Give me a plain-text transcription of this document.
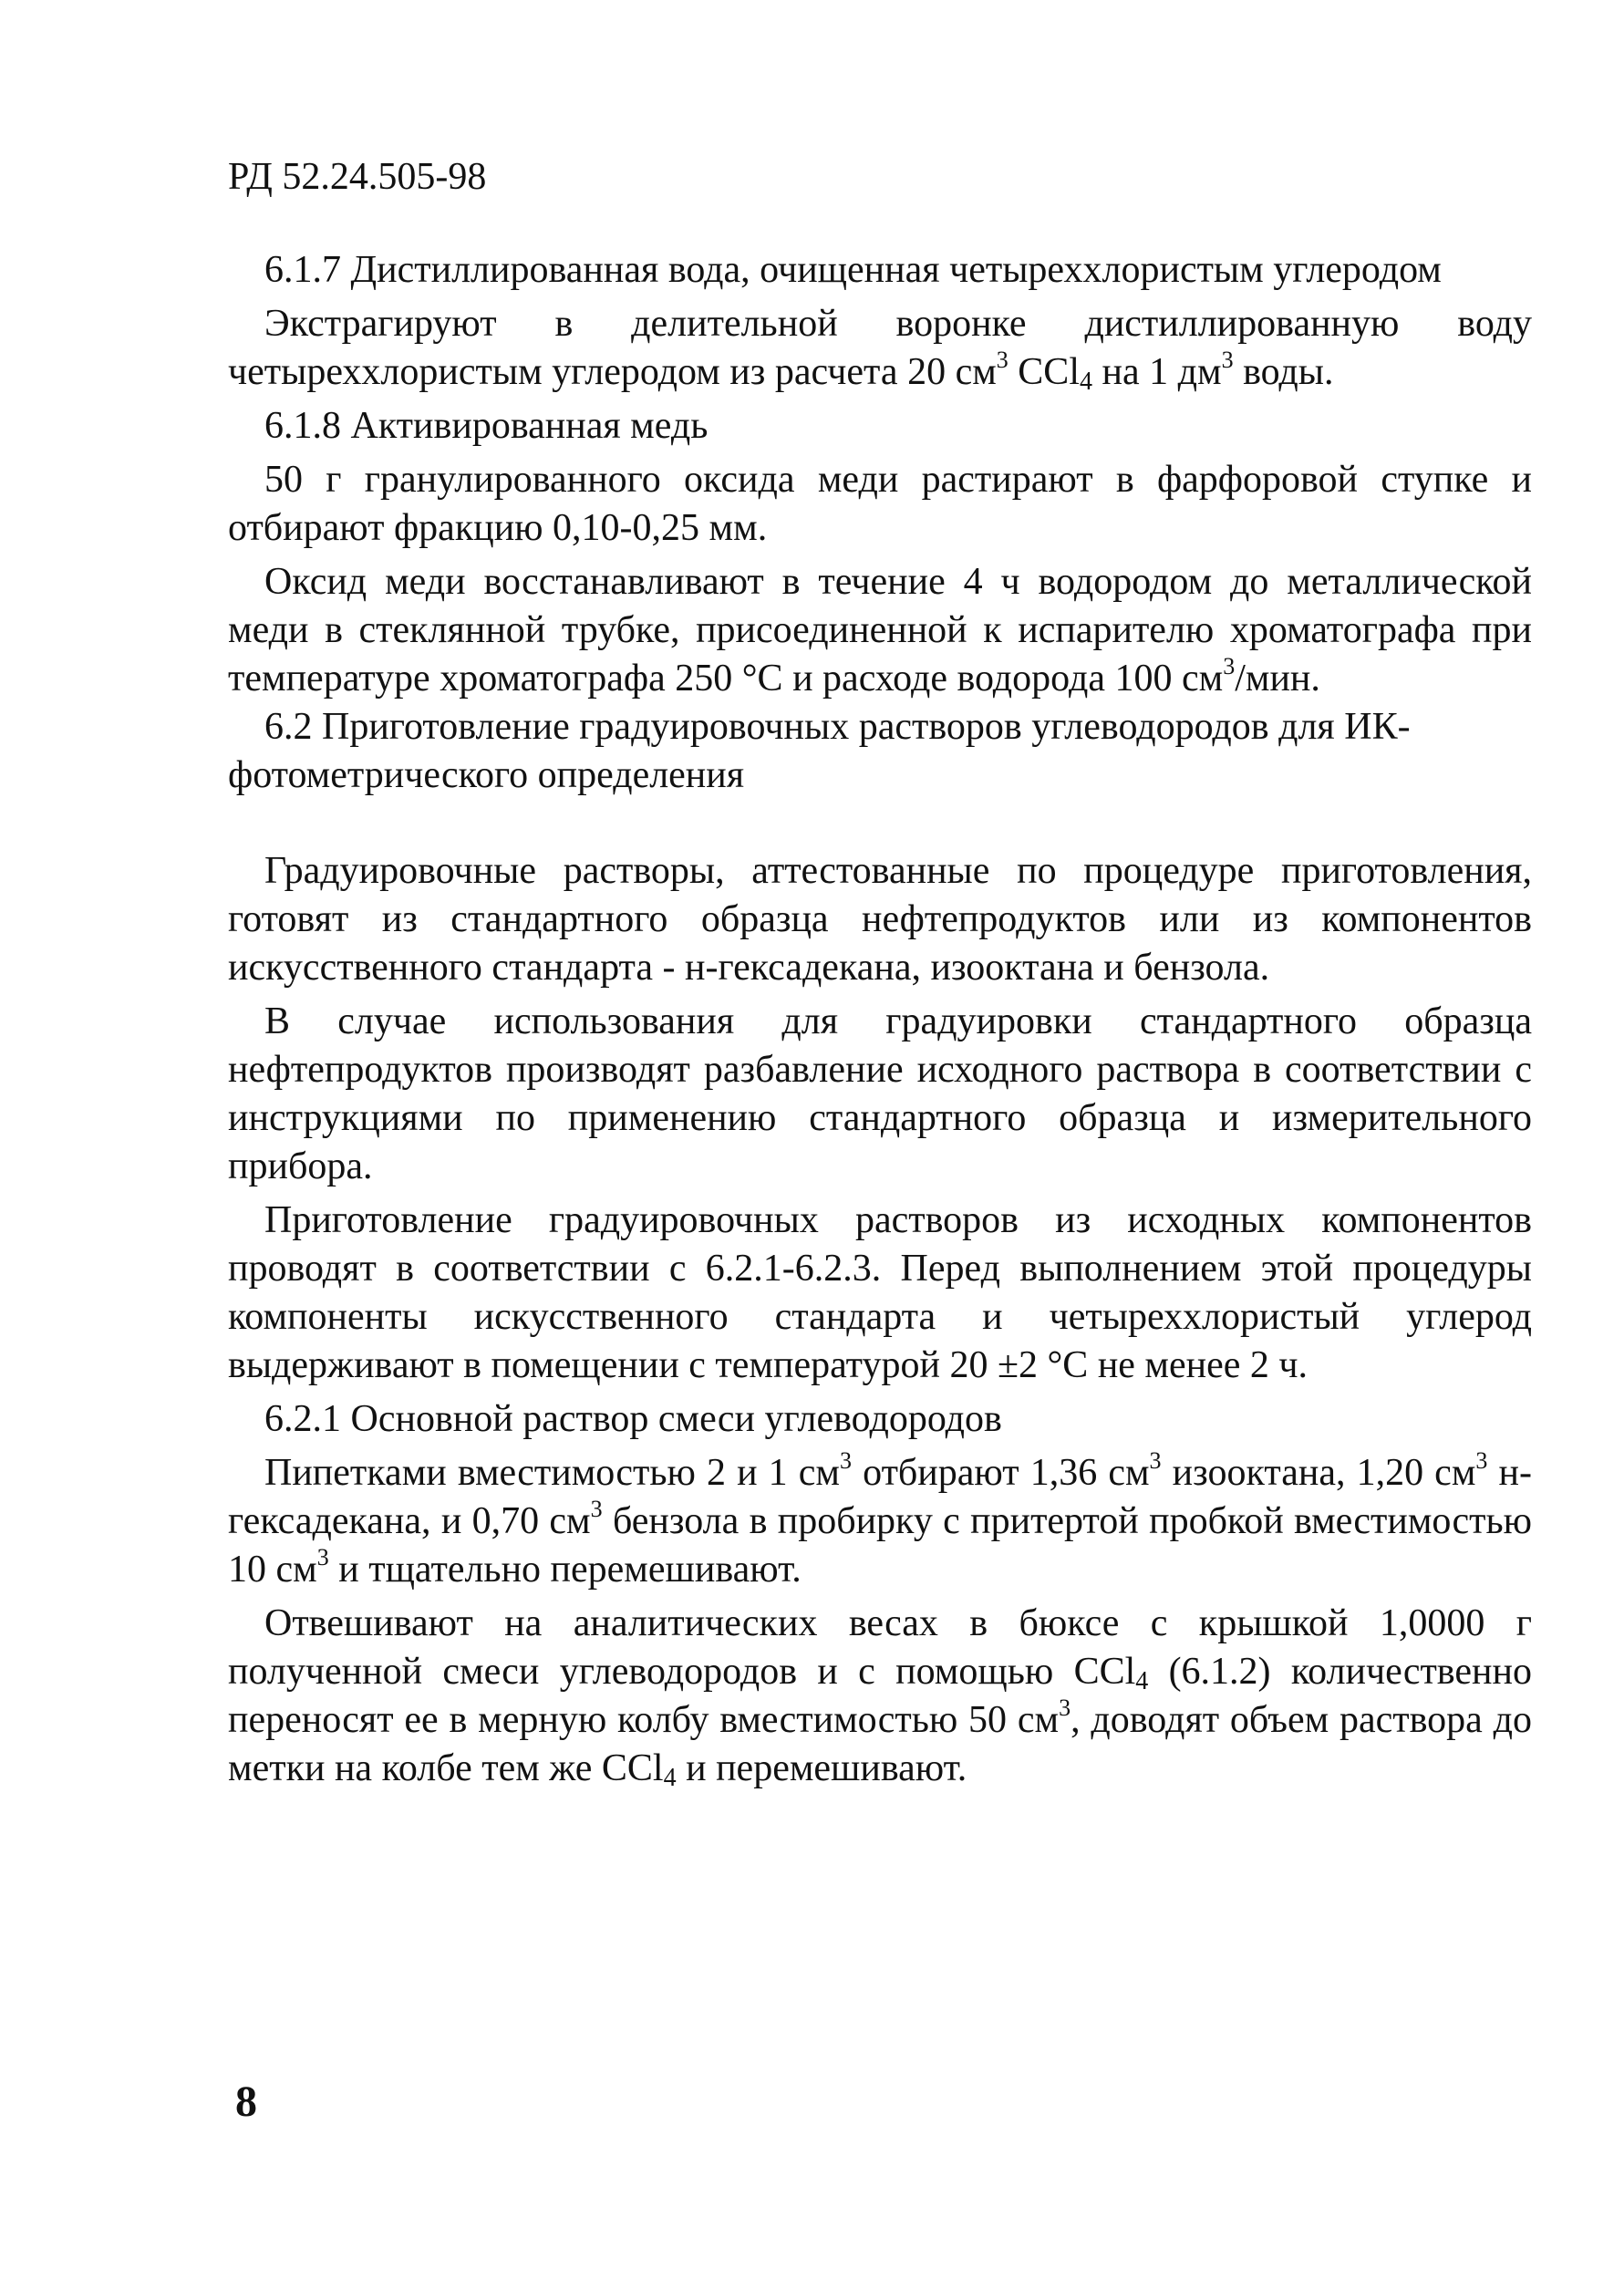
РД 52.24.505-98

6.1.7 Дистиллированная вода, очищенная четыреххлористым углеродом

Экстрагируют в делительной воронке дистиллированную воду четыреххлористым углеродом из расчета 20 $см^3$ CCl$_4$ на 1 $дм^3$ воды.

6.1.8 Активированная медь

50 г гранулированного оксида меди растирают в фарфоровой ступке и отбирают фракцию 0,10-0,25 мм.

Оксид меди восстанавливают в течение 4 ч водородом до металлической меди в стеклянной трубке, присоединенной к испарителю хроматографа при температуре хроматографа 250 °C и расходе водорода 100 $см^3$/мин.

6.2 Приготовление градуировочных растворов углеводородов для ИК-фотометрического определения

Градуировочные растворы, аттестованные по процедуре приготовления, готовят из стандартного образца нефтепродуктов или из компонентов искусственного стандарта - н-гексадекана, изооктана и бензола.

В случае использования для градуировки стандартного образца нефтепродуктов производят разбавление исходного раствора в соответствии с инструкциями по применению стандартного образца и измерительного прибора.

Приготовление градуировочных растворов из исходных компонентов проводят в соответствии с 6.2.1-6.2.3. Перед выполнением этой процедуры компоненты искусственного стандарта и четыреххлористый углерод выдерживают в помещении с температурой 20 ±2 °C не менее 2 ч.

6.2.1 Основной раствор смеси углеводородов

Пипетками вместимостью 2 и 1 $см^3$ отбирают 1,36 $см^3$ изооктана, 1,20 $см^3$ н-гексадекана, и 0,70 $см^3$ бензола в пробирку с притертой пробкой вместимостью 10 $см^3$ и тщательно перемешивают.

Отвешивают на аналитических весах в бюксе с крышкой 1,0000 г полученной смеси углеводородов и с помощью CCl$_4$ (6.1.2) количественно переносят ее в мерную колбу вместимостью 50 $см^3$, доводят объем раствора до метки на колбе тем же CCl$_4$ и перемешивают.

8
